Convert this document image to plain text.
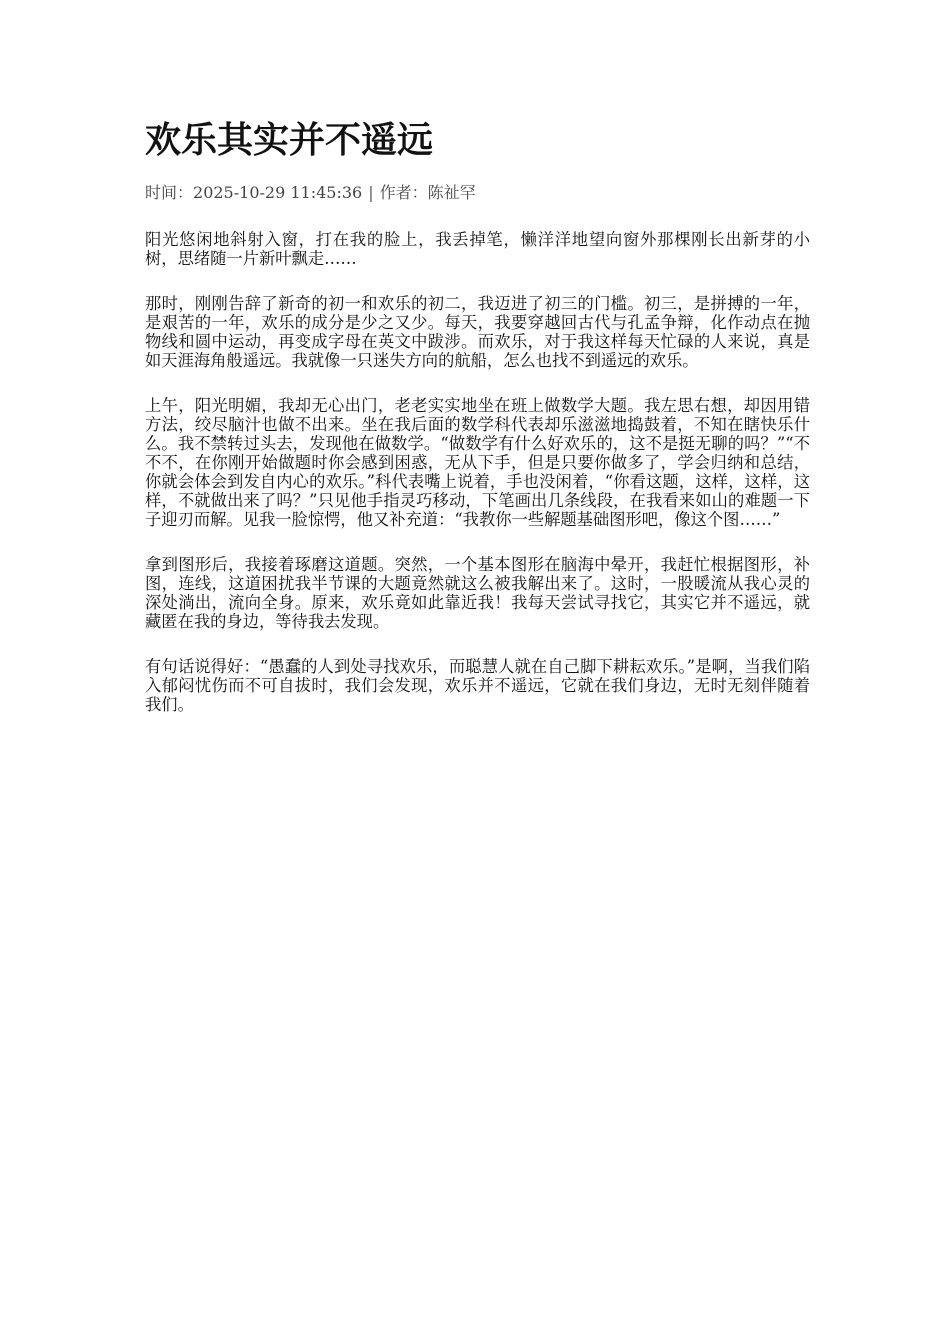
欢乐其实并不遥远
时间：2025-10-29 11:45:36 | 作者：陈祉罕

阳光悠闲地斜射入窗，打在我的脸上，我丢掉笔，懒洋洋地望向窗外那棵刚长出新芽的小树，思绪随一片新叶飘走……

那时，刚刚告辞了新奇的初一和欢乐的初二，我迈进了初三的门槛。初三，是拼搏的一年，是艰苦的一年，欢乐的成分是少之又少。每天，我要穿越回古代与孔孟争辩，化作动点在抛物线和圆中运动，再变成字母在英文中跋涉。而欢乐，对于我这样每天忙碌的人来说，真是如天涯海角般遥远。我就像一只迷失方向的航船，怎么也找不到遥远的欢乐。

上午，阳光明媚，我却无心出门，老老实实地坐在班上做数学大题。我左思右想，却因用错方法，绞尽脑汁也做不出来。坐在我后面的数学科代表却乐滋滋地捣鼓着，不知在瞎快乐什么。我不禁转过头去，发现他在做数学。“做数学有什么好欢乐的，这不是挺无聊的吗？”“不不不，在你刚开始做题时你会感到困惑，无从下手，但是只要你做多了，学会归纳和总结，你就会体会到发自内心的欢乐。”科代表嘴上说着，手也没闲着，“你看这题，这样，这样，这样，不就做出来了吗？”只见他手指灵巧移动，下笔画出几条线段，在我看来如山的难题一下子迎刃而解。见我一脸惊愕，他又补充道：“我教你一些解题基础图形吧，像这个图……”

拿到图形后，我接着琢磨这道题。突然，一个基本图形在脑海中晕开，我赶忙根据图形，补图，连线，这道困扰我半节课的大题竟然就这么被我解出来了。这时，一股暖流从我心灵的深处淌出，流向全身。原来，欢乐竟如此靠近我！我每天尝试寻找它，其实它并不遥远，就藏匿在我的身边，等待我去发现。

有句话说得好：“愚蠢的人到处寻找欢乐，而聪慧人就在自己脚下耕耘欢乐。”是啊，当我们陷入郁闷忧伤而不可自拔时，我们会发现，欢乐并不遥远，它就在我们身边，无时无刻伴随着我们。
